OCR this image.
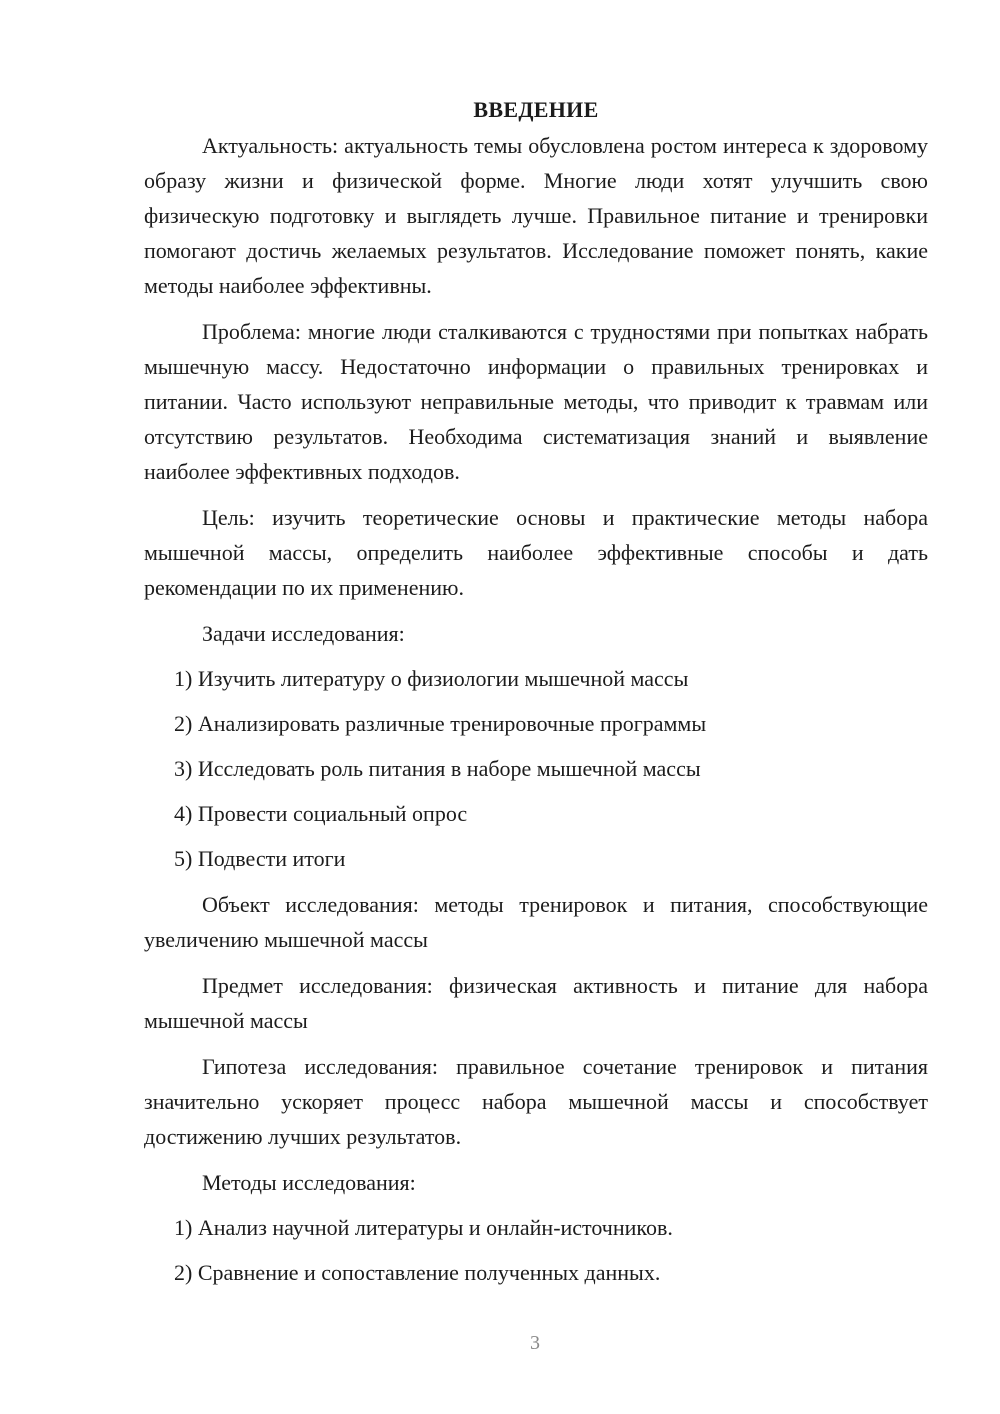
ВВЕДЕНИЕ

Актуальность: актуальность темы обусловлена ростом интереса к здоровому образу жизни и физической форме. Многие люди хотят улучшить свою физическую подготовку и выглядеть лучше. Правильное питание и тренировки помогают достичь желаемых результатов. Исследование поможет понять, какие методы наиболее эффективны.

Проблема: многие люди сталкиваются с трудностями при попытках набрать мышечную массу. Недостаточно информации о правильных тренировках и питании. Часто используют неправильные методы, что приводит к травмам или отсутствию результатов. Необходима систематизация знаний и выявление наиболее эффективных подходов.

Цель: изучить теоретические основы и практические методы набора мышечной массы, определить наиболее эффективные способы и дать рекомендации по их применению.

Задачи исследования:

1) Изучить литературу о физиологии мышечной массы

2) Анализировать различные тренировочные программы

3) Исследовать роль питания в наборе мышечной массы

4) Провести социальный опрос

5) Подвести итоги

Объект исследования: методы тренировок и питания, способствующие увеличению мышечной массы

Предмет исследования: физическая активность и питание для набора мышечной массы

Гипотеза исследования: правильное сочетание тренировок и питания значительно ускоряет процесс набора мышечной массы и способствует достижению лучших результатов.

Методы исследования:

1) Анализ научной литературы и онлайн-источников.

2) Сравнение и сопоставление полученных данных.

3
